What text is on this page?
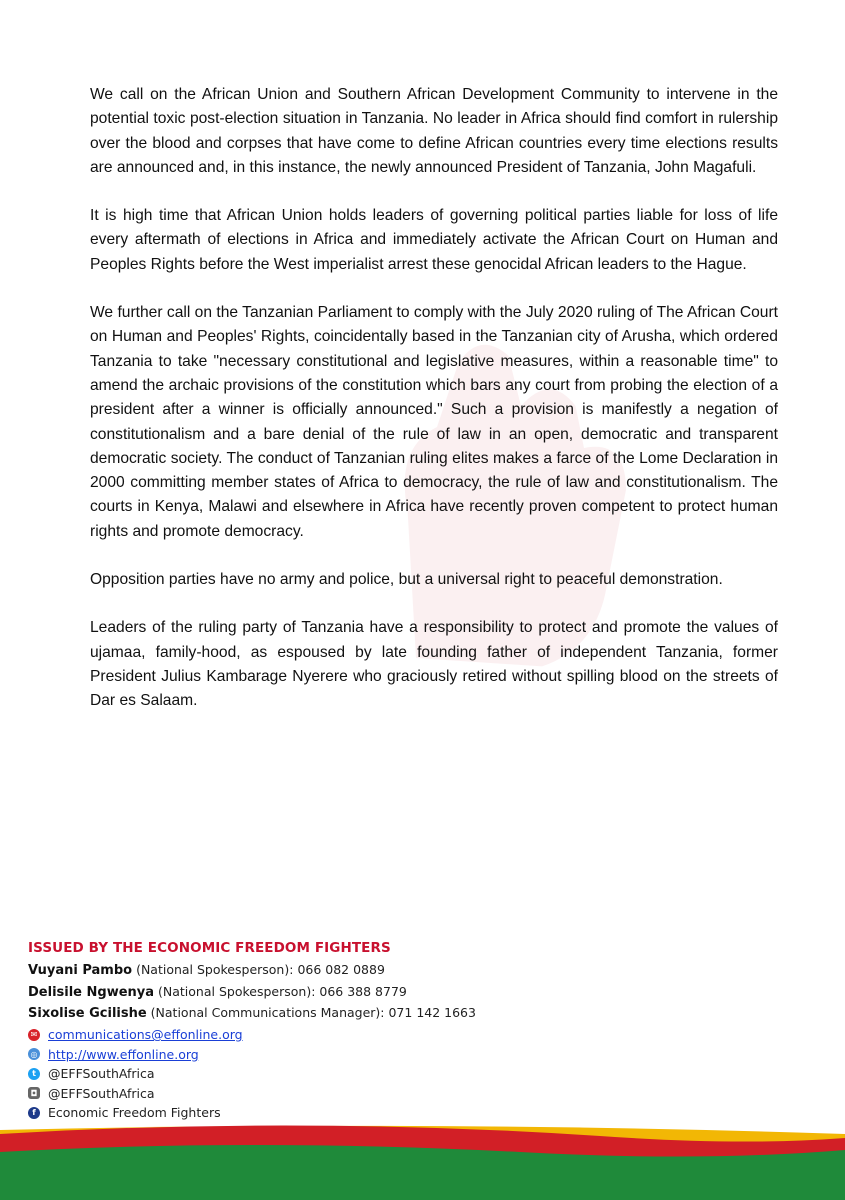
We call on the African Union and Southern African Development Community to intervene in the potential toxic post-election situation in Tanzania. No leader in Africa should find comfort in rulership over the blood and corpses that have come to define African countries every time elections results are announced and, in this instance, the newly announced President of Tanzania, John Magafuli.

It is high time that African Union holds leaders of governing political parties liable for loss of life every aftermath of elections in Africa and immediately activate the African Court on Human and Peoples Rights before the West imperialist arrest these genocidal African leaders to the Hague.

We further call on the Tanzanian Parliament to comply with the July 2020 ruling of The African Court on Human and Peoples' Rights, coincidentally based in the Tanzanian city of Arusha, which ordered Tanzania to take "necessary constitutional and legislative measures, within a reasonable time" to amend the archaic provisions of the constitution which bars any court from probing the election of a president after a winner is officially announced." Such a provision is manifestly a negation of constitutionalism and a bare denial of the rule of law in an open, democratic and transparent democratic society. The conduct of Tanzanian ruling elites makes a farce of the Lome Declaration in 2000 committing member states of Africa to democracy, the rule of law and constitutionalism. The courts in Kenya, Malawi and elsewhere in Africa have recently proven competent to protect human rights and promote democracy.

Opposition parties have no army and police, but a universal right to peaceful demonstration.

Leaders of the ruling party of Tanzania have a responsibility to protect and promote the values of ujamaa, family-hood, as espoused by late founding father of independent Tanzania, former President Julius Kambarage Nyerere who graciously retired without spilling blood on the streets of Dar es Salaam.

ISSUED BY THE ECONOMIC FREEDOM FIGHTERS
Vuyani Pambo (National Spokesperson): 066 082 0889
Delisile Ngwenya (National Spokesperson): 066 388 8779
Sixolise Gcilishe (National Communications Manager): 071 142 1663
✉ communications@effonline.org
◎ http://www.effonline.org
t @EFFSouthAfrica
◘ @EFFSouthAfrica
f Economic Freedom Fighters
